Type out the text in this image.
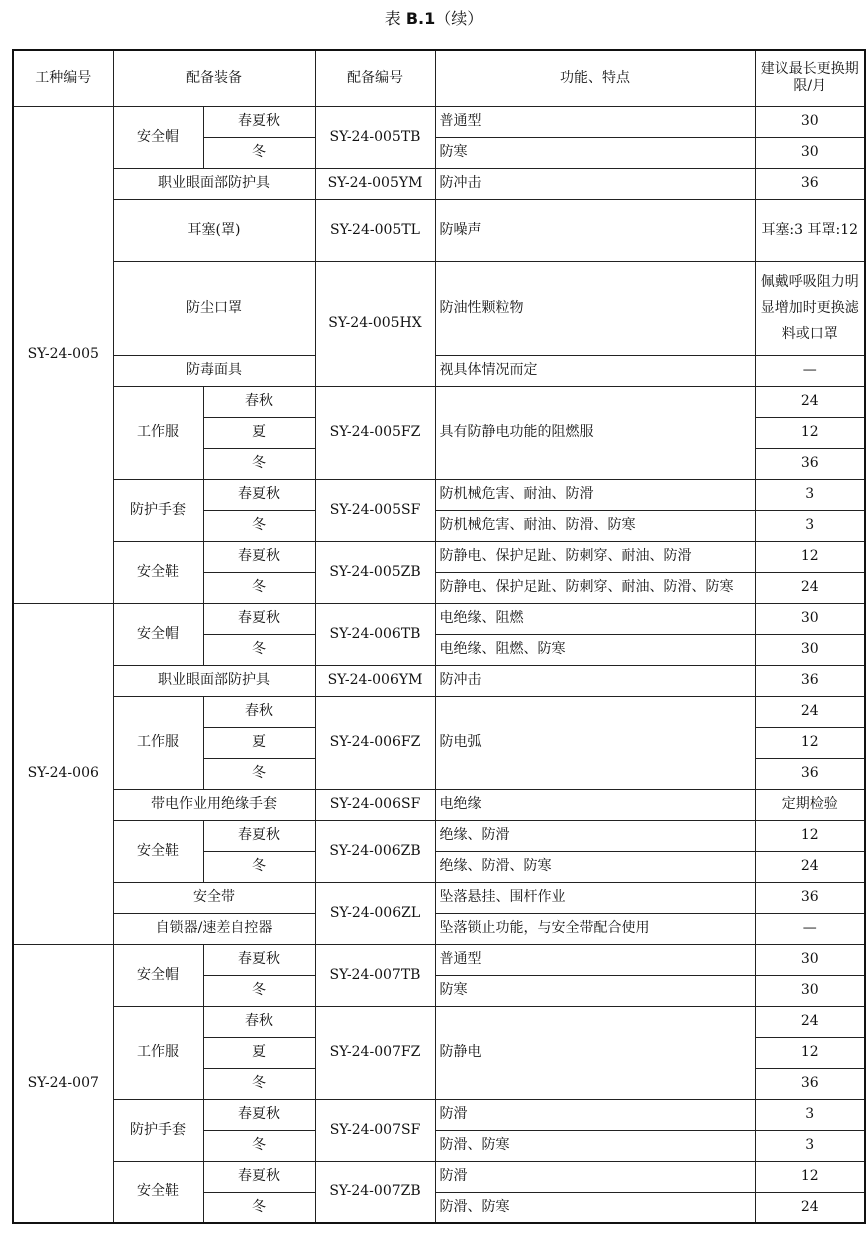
表 B.1（续）
工种编号	配备装备		配备编号	功能、特点	建议最长更换期限/月
SY-24-005	安全帽	春夏秋	SY-24-005TB	普通型	30
		冬		防寒	30
	职业眼面部防护具		SY-24-005YM	防冲击	36
	耳塞(罩)		SY-24-005TL	防噪声	耳塞:3 耳罩:12
	防尘口罩		SY-24-005HX	防油性颗粒物	佩戴呼吸阻力明显增加时更换滤料或口罩
	防毒面具			视具体情况而定	—
	工作服	春秋	SY-24-005FZ	具有防静电功能的阻燃服	24
		夏			12
		冬			36
	防护手套	春夏秋	SY-24-005SF	防机械危害、耐油、防滑	3
		冬		防机械危害、耐油、防滑、防寒	3
	安全鞋	春夏秋	SY-24-005ZB	防静电、保护足趾、防刺穿、耐油、防滑	12
		冬		防静电、保护足趾、防刺穿、耐油、防滑、防寒	24
SY-24-006	安全帽	春夏秋	SY-24-006TB	电绝缘、阻燃	30
		冬		电绝缘、阻燃、防寒	30
	职业眼面部防护具		SY-24-006YM	防冲击	36
	工作服	春秋	SY-24-006FZ	防电弧	24
		夏			12
		冬			36
	带电作业用绝缘手套		SY-24-006SF	电绝缘	定期检验
	安全鞋	春夏秋	SY-24-006ZB	绝缘、防滑	12
		冬		绝缘、防滑、防寒	24
	安全带		SY-24-006ZL	坠落悬挂、围杆作业	36
	自锁器/速差自控器			坠落锁止功能，与安全带配合使用	—
SY-24-007	安全帽	春夏秋	SY-24-007TB	普通型	30
		冬		防寒	30
	工作服	春秋	SY-24-007FZ	防静电	24
		夏			12
		冬			36
	防护手套	春夏秋	SY-24-007SF	防滑	3
		冬		防滑、防寒	3
	安全鞋	春夏秋	SY-24-007ZB	防滑	12
		冬		防滑、防寒	24
